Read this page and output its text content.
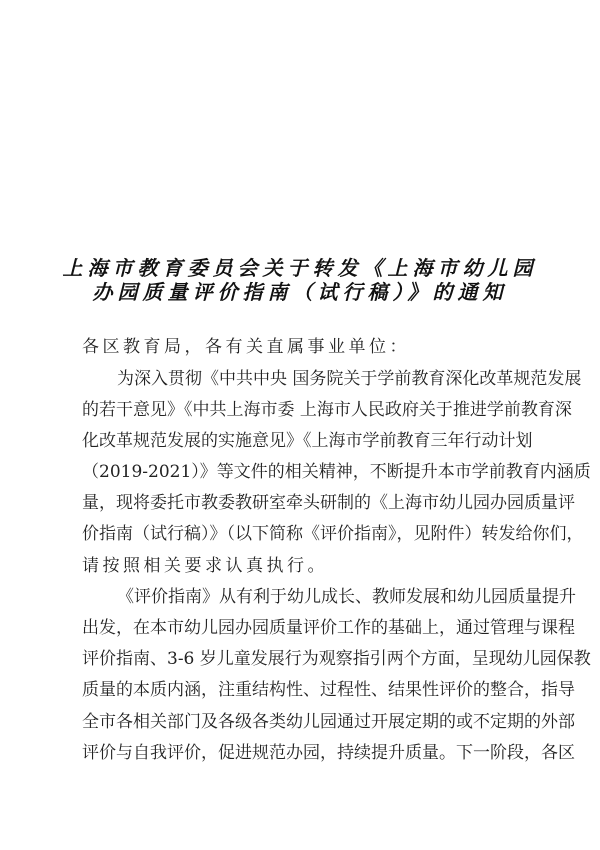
上海市教育委员会关于转发《上海市幼儿园
办园质量评价指南（试行稿）》的通知
各区教育局，各有关直属事业单位：
为深入贯彻《中共中央 国务院关于学前教育深化改革规范发展
的若干意见》《中共上海市委 上海市人民政府关于推进学前教育深
化改革规范发展的实施意见》《上海市学前教育三年行动计划
（2019-2021）》等文件的相关精神，不断提升本市学前教育内涵质
量，现将委托市教委教研室牵头研制的《上海市幼儿园办园质量评
价指南（试行稿）》（以下简称《评价指南》，见附件）转发给你们，
请按照相关要求认真执行。
《评价指南》从有利于幼儿成长、教师发展和幼儿园质量提升
出发，在本市幼儿园办园质量评价工作的基础上，通过管理与课程
评价指南、3-6 岁儿童发展行为观察指引两个方面，呈现幼儿园保教
质量的本质内涵，注重结构性、过程性、结果性评价的整合，指导
全市各相关部门及各级各类幼儿园通过开展定期的或不定期的外部
评价与自我评价，促进规范办园，持续提升质量。下一阶段，各区
